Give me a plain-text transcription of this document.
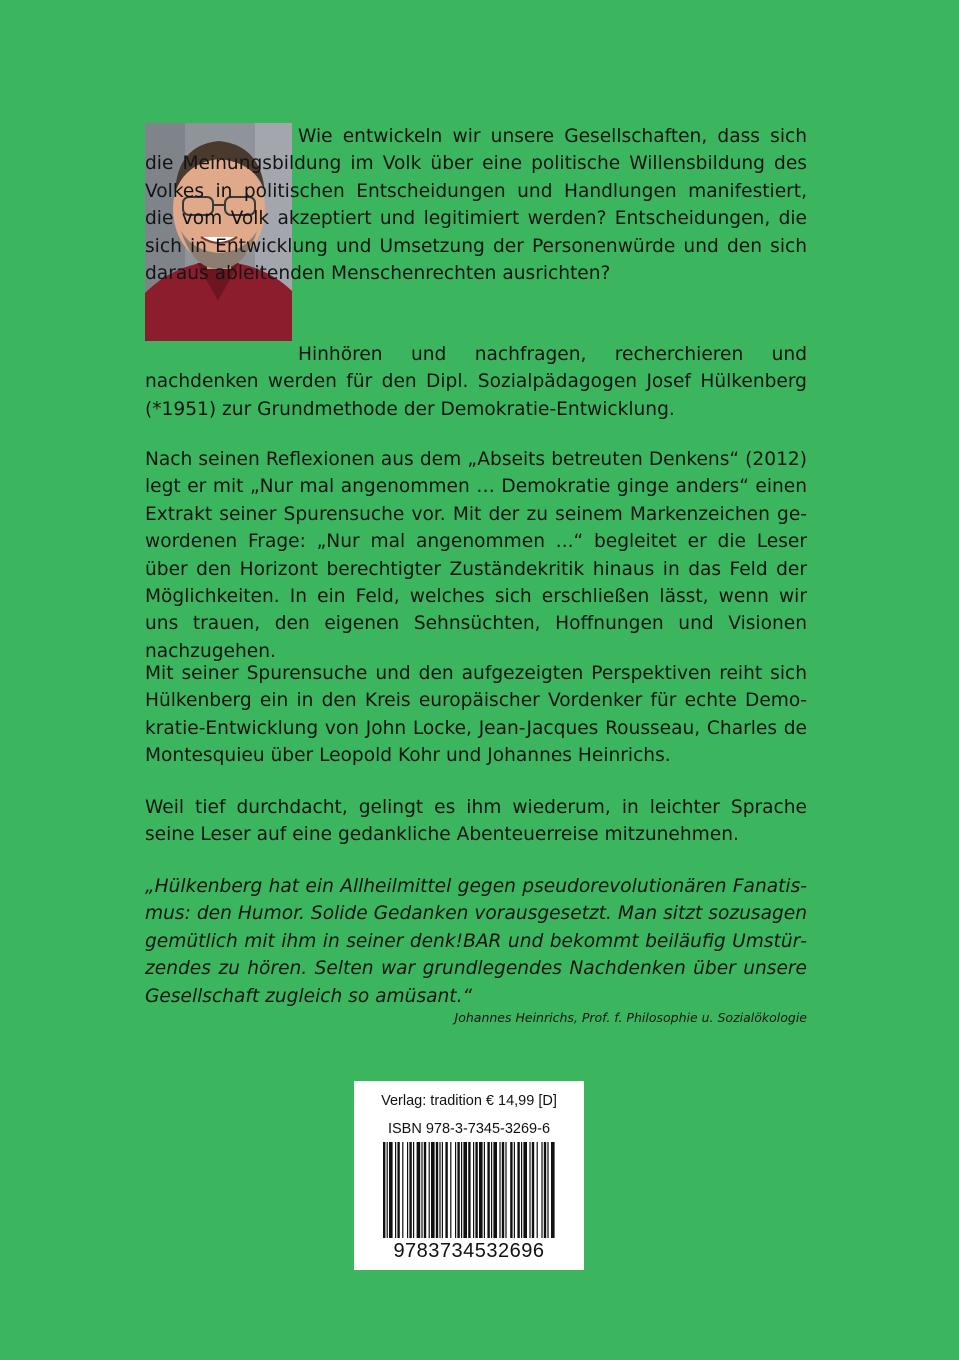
Wie entwickeln wir unsere Gesellschaften, dass sich die Meinungsbildung im Volk über eine politische Willensbildung des Volkes in politischen Entscheidungen und Handlungen manifestiert, die vom Volk akzeptiert und legitimiert werden? Entscheidungen, die sich in Entwicklung und Umsetzung der Personenwürde und den sich daraus ableitenden Menschenrechten ausrichten?

Hinhören und nachfragen, recherchieren und nachdenken werden für den Dipl. Sozialpädagogen Josef Hülkenberg (*1951) zur Grundmethode der Demokratie-Entwicklung.

Nach seinen Reflexionen aus dem „Abseits betreuten Denkens“ (2012) legt er mit „Nur mal angenommen … Demokratie ginge anders“ einen Extrakt seiner Spurensuche vor. Mit der zu seinem Markenzeichen gewordenen Frage: „Nur mal angenommen ...“ begleitet er die Leser über den Horizont berechtigter Zuständekritik hinaus in das Feld der Möglichkeiten. In ein Feld, welches sich erschließen lässt, wenn wir uns trauen, den eigenen Sehnsüchten, Hoffnungen und Visionen nachzugehen.

Mit seiner Spurensuche und den aufgezeigten Perspektiven reiht sich Hülkenberg ein in den Kreis europäischer Vordenker für echte Demokratie-Entwicklung von John Locke, Jean-Jacques Rousseau, Charles de Montesquieu über Leopold Kohr und Johannes Heinrichs.

Weil tief durchdacht, gelingt es ihm wiederum, in leichter Sprache seine Leser auf eine gedankliche Abenteuerreise mitzunehmen.

„Hülkenberg hat ein Allheilmittel gegen pseudorevolutionären Fanatismus: den Humor. Solide Gedanken vorausgesetzt. Man sitzt sozusagen gemütlich mit ihm in seiner denk!BAR und bekommt beiläufig Umstürzendes zu hören. Selten war grundlegendes Nachdenken über unsere Gesellschaft zugleich so amüsant.“

Johannes Heinrichs, Prof. f. Philosophie u. Sozialökologie
Verlag: tradition € 14,99 [D]
ISBN 978-3-7345-3269-6
9783734532696
